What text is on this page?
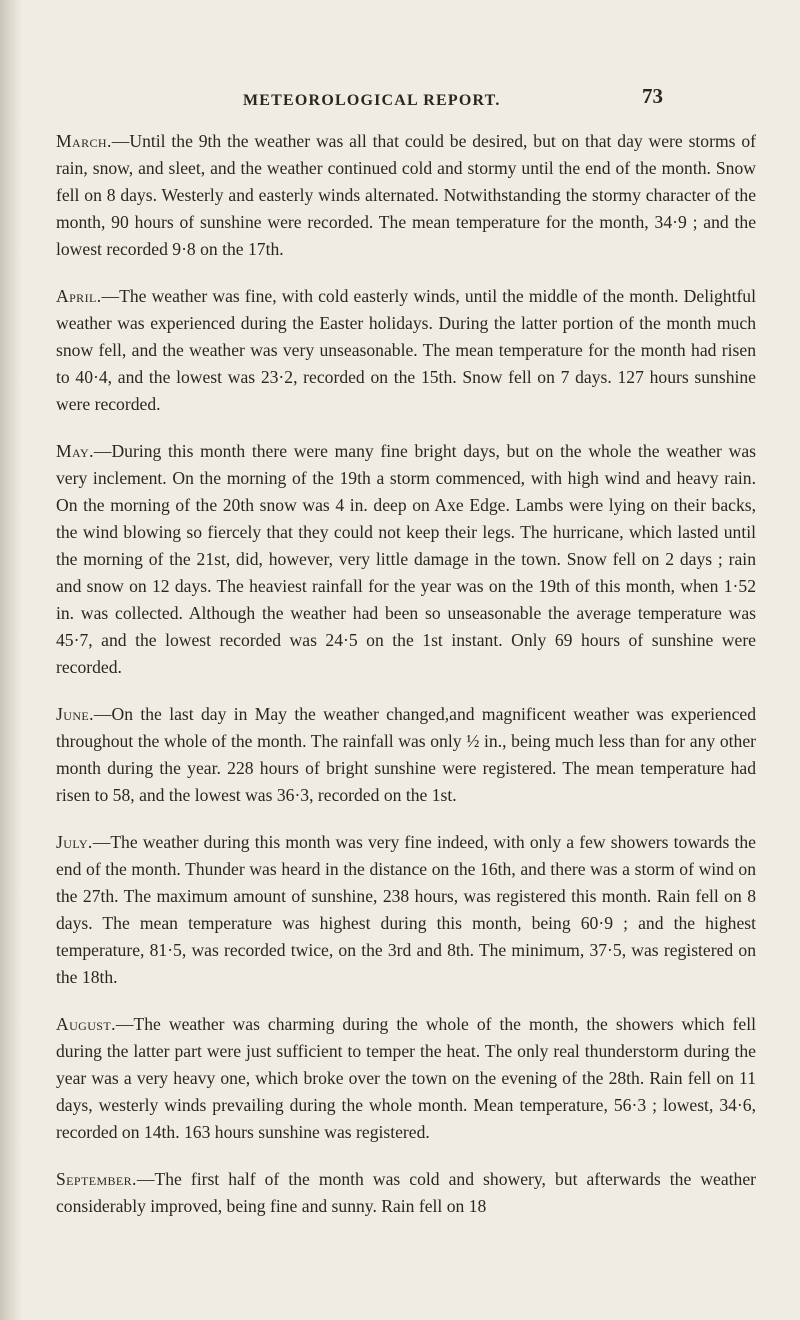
METEOROLOGICAL REPORT.	73

March.—Until the 9th the weather was all that could be desired, but on that day were storms of rain, snow, and sleet, and the weather continued cold and stormy until the end of the month. Snow fell on 8 days. Westerly and easterly winds alternated. Notwithstanding the stormy character of the month, 90 hours of sunshine were recorded. The mean temperature for the month, 34·9 ; and the lowest recorded 9·8 on the 17th.

April.—The weather was fine, with cold easterly winds, until the middle of the month. Delightful weather was experienced during the Easter holidays. During the latter portion of the month much snow fell, and the weather was very unseasonable. The mean temperature for the month had risen to 40·4, and the lowest was 23·2, recorded on the 15th. Snow fell on 7 days. 127 hours sunshine were recorded.

May.—During this month there were many fine bright days, but on the whole the weather was very inclement. On the morning of the 19th a storm commenced, with high wind and heavy rain. On the morning of the 20th snow was 4 in. deep on Axe Edge. Lambs were lying on their backs, the wind blowing so fiercely that they could not keep their legs. The hurricane, which lasted until the morning of the 21st, did, however, very little damage in the town. Snow fell on 2 days ; rain and snow on 12 days. The heaviest rainfall for the year was on the 19th of this month, when 1·52 in. was collected. Although the weather had been so unseasonable the average temperature was 45·7, and the lowest recorded was 24·5 on the 1st instant. Only 69 hours of sunshine were recorded.

June.—On the last day in May the weather changed,and magnificent weather was experienced throughout the whole of the month. The rainfall was only ½ in., being much less than for any other month during the year. 228 hours of bright sunshine were registered. The mean temperature had risen to 58, and the lowest was 36·3, recorded on the 1st.

July.—The weather during this month was very fine indeed, with only a few showers towards the end of the month. Thunder was heard in the distance on the 16th, and there was a storm of wind on the 27th. The maximum amount of sunshine, 238 hours, was registered this month. Rain fell on 8 days. The mean temperature was highest during this month, being 60·9 ; and the highest temperature, 81·5, was recorded twice, on the 3rd and 8th. The minimum, 37·5, was registered on the 18th.

August.—The weather was charming during the whole of the month, the showers which fell during the latter part were just sufficient to temper the heat. The only real thunderstorm during the year was a very heavy one, which broke over the town on the evening of the 28th. Rain fell on 11 days, westerly winds prevailing during the whole month. Mean temperature, 56·3 ; lowest, 34·6, recorded on 14th. 163 hours sunshine was registered.

September.—The first half of the month was cold and showery, but afterwards the weather considerably improved, being fine and sunny. Rain fell on 18
